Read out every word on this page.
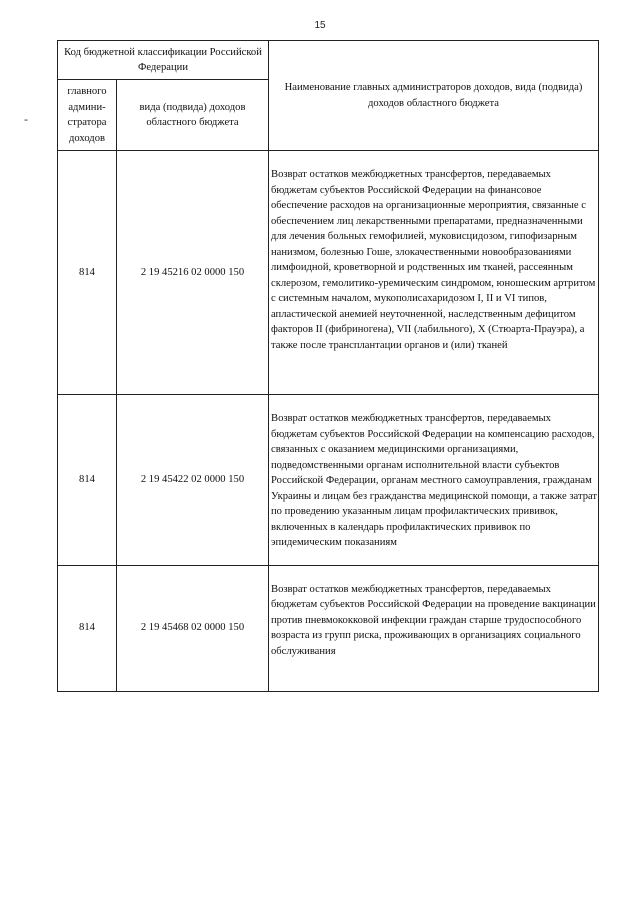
15
-
Код бюджетной классификации Российской Федерации		Наименование главных администраторов доходов, вида (подвида) доходов областного бюджета
главного админи-стратора доходов	вида (подвида) доходов областного бюджета	
814	2 19 45216 02 0000 150	Возврат остатков межбюджетных трансфертов, передаваемых бюджетам субъектов Российской Федерации на финансовое обеспечение расходов на организационные мероприятия, связанные с обеспечением лиц лекарственными препаратами, предназначенными для лечения больных гемофилией, муковисцидозом, гипофизарным нанизмом, болезнью Гоше, злокачественными новообразованиями лимфоидной, кроветворной и родственных им тканей, рассеянным склерозом, гемолитико-уремическим синдромом, юношеским артритом с системным началом, мукополисахаридозом I, II и VI типов, апластической анемией неуточненной, наследственным дефицитом факторов II (фибриногена), VII (лабильного), X (Стюарта-Прауэра), а также после трансплантации органов и (или) тканей
814	2 19 45422 02 0000 150	Возврат остатков межбюджетных трансфертов, передаваемых бюджетам субъектов Российской Федерации на компенсацию расходов, связанных с оказанием медицинскими организациями, подведомственными органам исполнительной власти субъектов Российской Федерации, органам местного самоуправления, гражданам Украины и лицам без гражданства медицинской помощи, а также затрат по проведению указанным лицам профилактических прививок, включенных в календарь профилактических прививок по эпидемическим показаниям
814	2 19 45468 02 0000 150	Возврат остатков межбюджетных трансфертов, передаваемых бюджетам субъектов Российской Федерации на проведение вакцинации против пневмококковой инфекции граждан старше трудоспособного возраста из групп риска, проживающих в организациях социального обслуживания
